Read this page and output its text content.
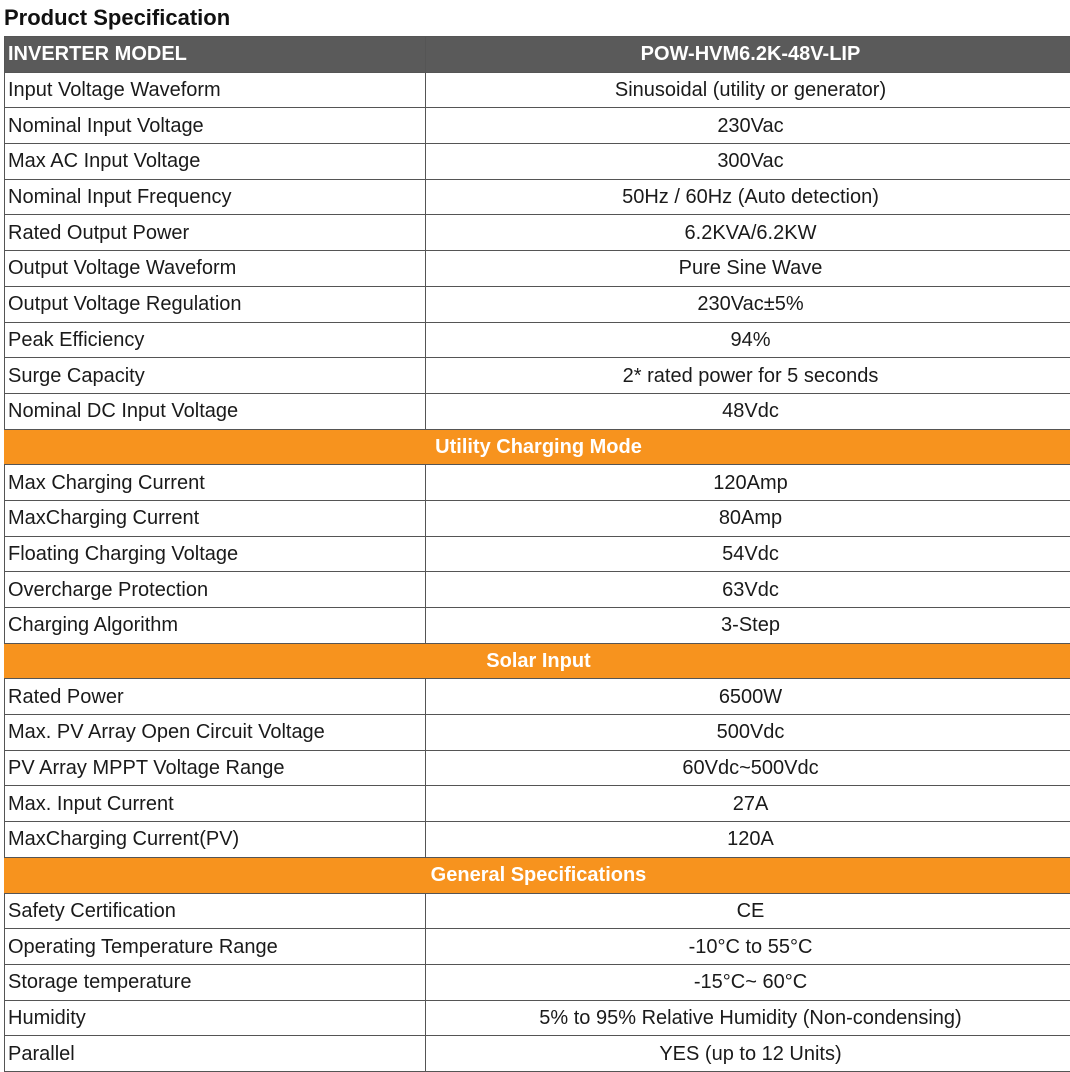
Product Specification
INVERTER MODEL	POW-HVM6.2K-48V-LIP
Input Voltage Waveform	Sinusoidal (utility or generator)
Nominal Input Voltage	230Vac
Max AC Input Voltage	300Vac
Nominal Input Frequency	50Hz / 60Hz (Auto detection)
Rated Output Power	6.2KVA/6.2KW
Output Voltage Waveform	Pure Sine Wave
Output Voltage Regulation	230Vac±5%
Peak Efficiency	94%
Surge Capacity	2* rated power for 5 seconds
Nominal DC Input Voltage	48Vdc
Utility Charging Mode	
Max Charging Current	120Amp
MaxCharging Current	80Amp
Floating Charging Voltage	54Vdc
Overcharge Protection	63Vdc
Charging Algorithm	3-Step
Solar Input	
Rated Power	6500W
Max. PV Array Open Circuit Voltage	500Vdc
PV Array MPPT Voltage Range	60Vdc~500Vdc
Max. Input Current	27A
MaxCharging Current(PV)	120A
General Specifications	
Safety Certification	CE
Operating Temperature Range	-10°C to 55°C
Storage temperature	-15°C~ 60°C
Humidity	5% to 95% Relative Humidity (Non-condensing)
Parallel	YES (up to 12 Units)
